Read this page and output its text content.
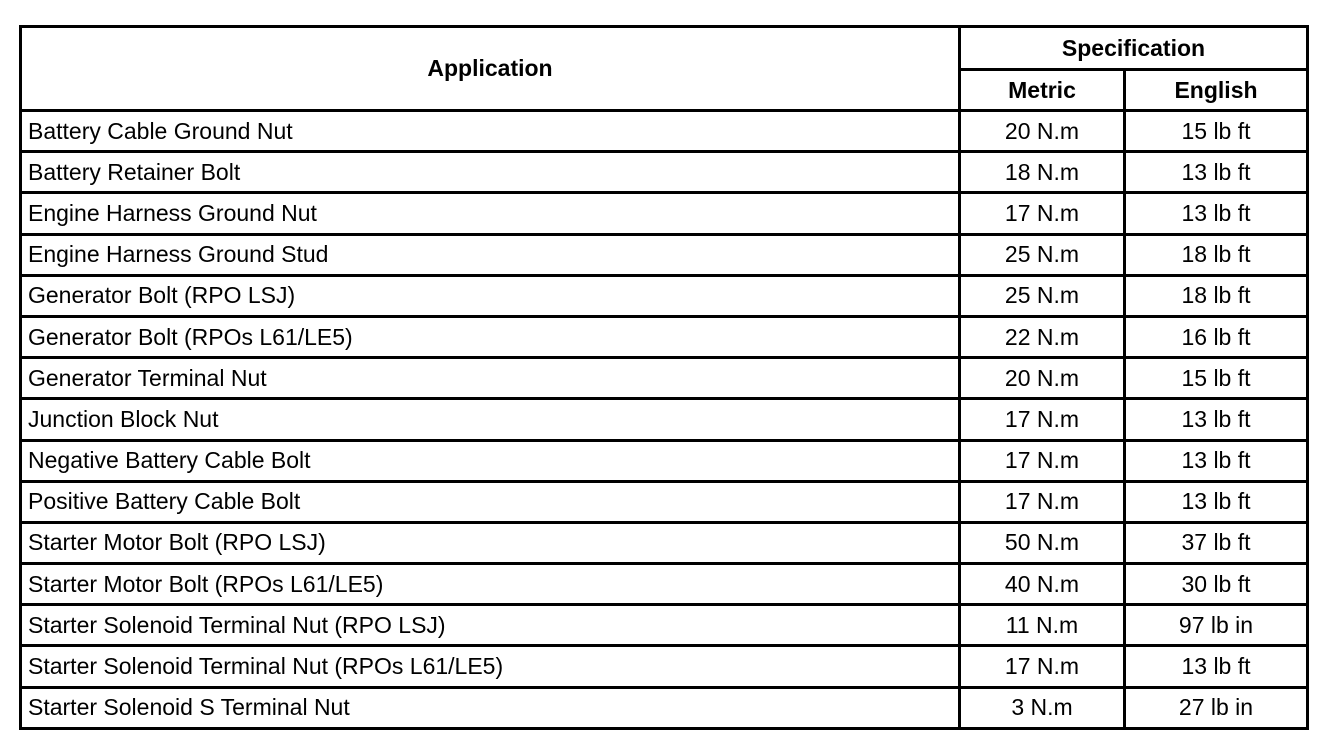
Application	Specification	
	Metric	English
Battery Cable Ground Nut	20 N.m	15 lb ft
Battery Retainer Bolt	18 N.m	13 lb ft
Engine Harness Ground Nut	17 N.m	13 lb ft
Engine Harness Ground Stud	25 N.m	18 lb ft
Generator Bolt (RPO LSJ)	25 N.m	18 lb ft
Generator Bolt (RPOs L61/LE5)	22 N.m	16 lb ft
Generator Terminal Nut	20 N.m	15 lb ft
Junction Block Nut	17 N.m	13 lb ft
Negative Battery Cable Bolt	17 N.m	13 lb ft
Positive Battery Cable Bolt	17 N.m	13 lb ft
Starter Motor Bolt (RPO LSJ)	50 N.m	37 lb ft
Starter Motor Bolt (RPOs L61/LE5)	40 N.m	30 lb ft
Starter Solenoid Terminal Nut (RPO LSJ)	11 N.m	97 lb in
Starter Solenoid Terminal Nut (RPOs L61/LE5)	17 N.m	13 lb ft
Starter Solenoid S Terminal Nut	3 N.m	27 lb in
